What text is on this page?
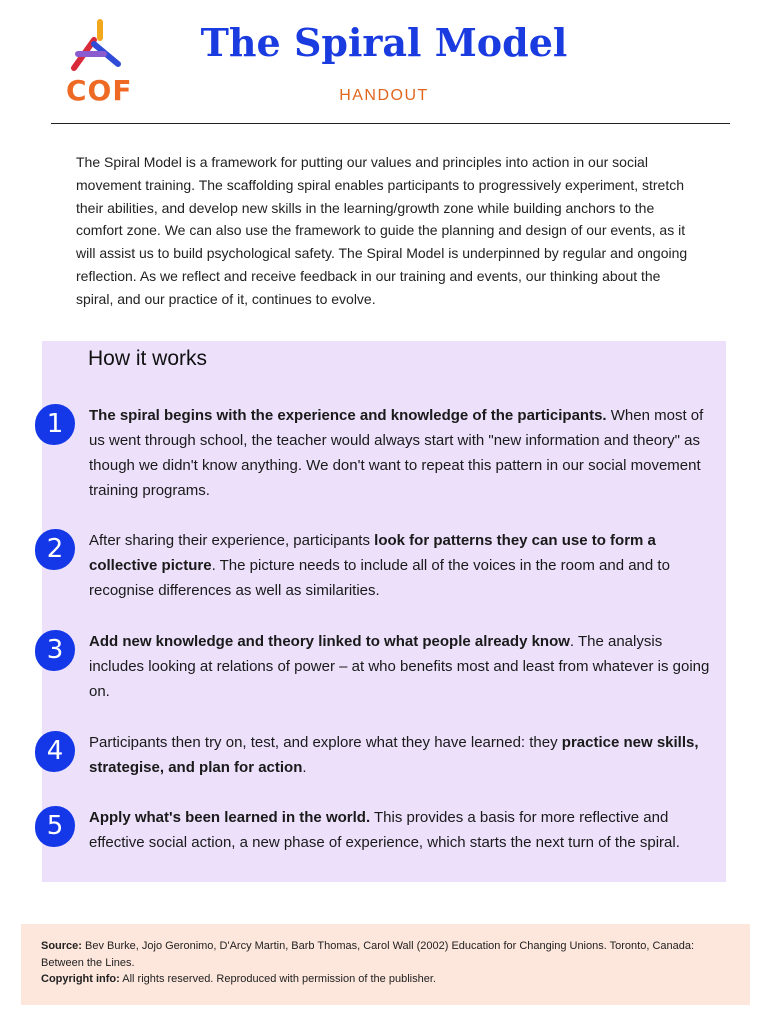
COF
The Spiral Model
HANDOUT

The Spiral Model is a framework for putting our values and principles into action in our social movement training. The scaffolding spiral enables participants to progressively experiment, stretch their abilities, and develop new skills in the learning/growth zone while building anchors to the comfort zone. We can also use the framework to guide the planning and design of our events, as it will assist us to build psychological safety. The Spiral Model is underpinned by regular and ongoing reflection. As we reflect and receive feedback in our training and events, our thinking about the spiral, and our practice of it, continues to evolve.

How it works
1	The spiral begins with the experience and knowledge of the participants. When most of us went through school, the teacher would always start with "new information and theory" as though we didn't know anything. We don't want to repeat this pattern in our social movement training programs.

2	After sharing their experience, participants look for patterns they can use to form a collective picture. The picture needs to include all of the voices in the room and and to recognise differences as well as similarities.

3	Add new knowledge and theory linked to what people already know. The analysis includes looking at relations of power – at who benefits most and least from whatever is going on.

4	Participants then try on, test, and explore what they have learned: they practice new skills, strategise, and plan for action.

5	Apply what's been learned in the world. This provides a basis for more reflective and effective social action, a new phase of experience, which starts the next turn of the spiral.

Source: Bev Burke, Jojo Geronimo, D'Arcy Martin, Barb Thomas, Carol Wall (2002) Education for Changing Unions. Toronto, Canada: Between the Lines.
Copyright info: All rights reserved. Reproduced with permission of the publisher.
